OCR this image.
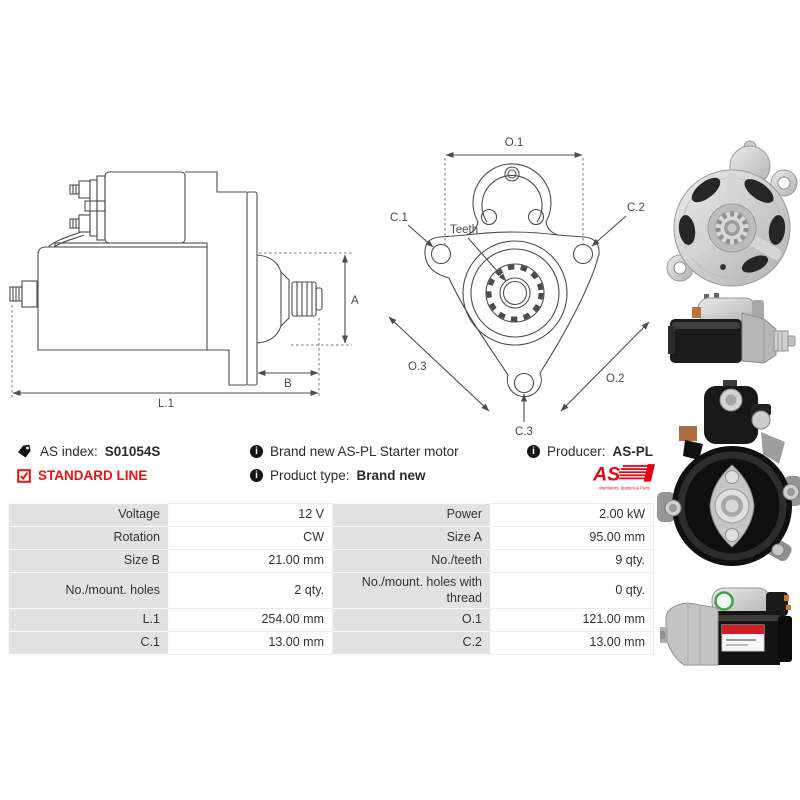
A
B
L.1
O.1
C.1
C.2
Teeth
O.3
O.2
C.3
AS index: S01054S
STANDARD LINE
i Brand new AS-PL Starter motor
i Product type: Brand new
i Producer: AS-PL
AS
Alternators, Starters & Parts
Voltage	12 V	Power	2.00 kW
Rotation	CW	Size A	95.00 mm
Size B	21.00 mm	No./teeth	9 qty.
No./mount. holes	2 qty.	No./mount. holes with thread	0 qty.
L.1	254.00 mm	O.1	121.00 mm
C.1	13.00 mm	C.2	13.00 mm
